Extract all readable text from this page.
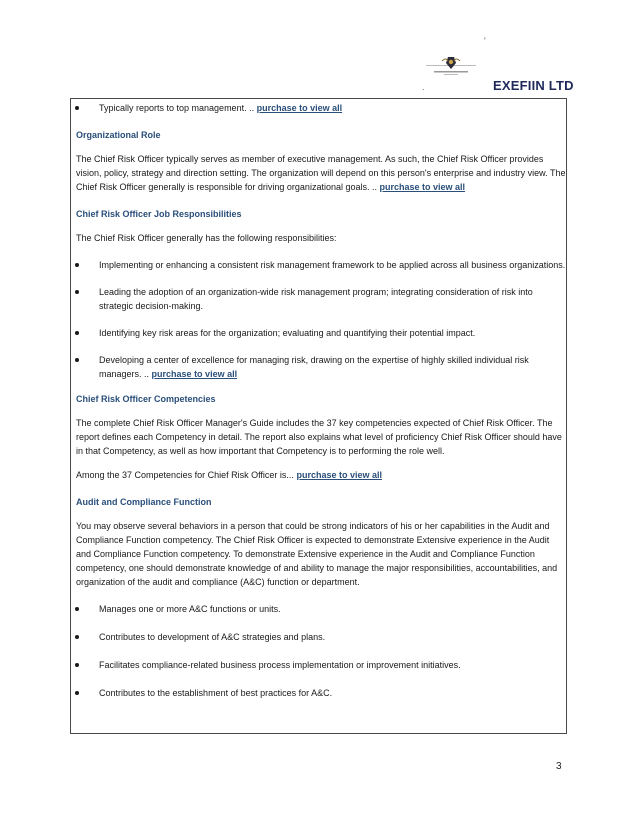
'
.	EXEFIIN LTD

Typically reports to top management. .. purchase to view all

Organizational Role

The Chief Risk Officer typically serves as member of executive management. As such, the Chief Risk Officer provides vision, policy, strategy and direction setting. The organization will depend on this person's enterprise and industry view. The Chief Risk Officer generally is responsible for driving organizational goals. .. purchase to view all

Chief Risk Officer Job Responsibilities

The Chief Risk Officer generally has the following responsibilities:

Implementing or enhancing a consistent risk management framework to be applied across all business organizations.

Leading the adoption of an organization-wide risk management program; integrating consideration of risk into strategic decision-making.

Identifying key risk areas for the organization; evaluating and quantifying their potential impact.

Developing a center of excellence for managing risk, drawing on the expertise of highly skilled individual risk managers. .. purchase to view all

Chief Risk Officer Competencies

The complete Chief Risk Officer Manager's Guide includes the 37 key competencies expected of Chief Risk Officer. The report defines each Competency in detail. The report also explains what level of proficiency Chief Risk Officer should have in that Competency, as well as how important that Competency is to performing the role well.

Among the 37 Competencies for Chief Risk Officer is... purchase to view all

Audit and Compliance Function

You may observe several behaviors in a person that could be strong indicators of his or her capabilities in the Audit and Compliance Function competency. The Chief Risk Officer is expected to demonstrate Extensive experience in the Audit and Compliance Function competency. To demonstrate Extensive experience in the Audit and Compliance Function competency, one should demonstrate knowledge of and ability to manage the major responsibilities, accountabilities, and organization of the audit and compliance (A&C) function or department.

Manages one or more A&C functions or units.

Contributes to development of A&C strategies and plans.

Facilitates compliance-related business process implementation or improvement initiatives.

Contributes to the establishment of best practices for A&C.

3
